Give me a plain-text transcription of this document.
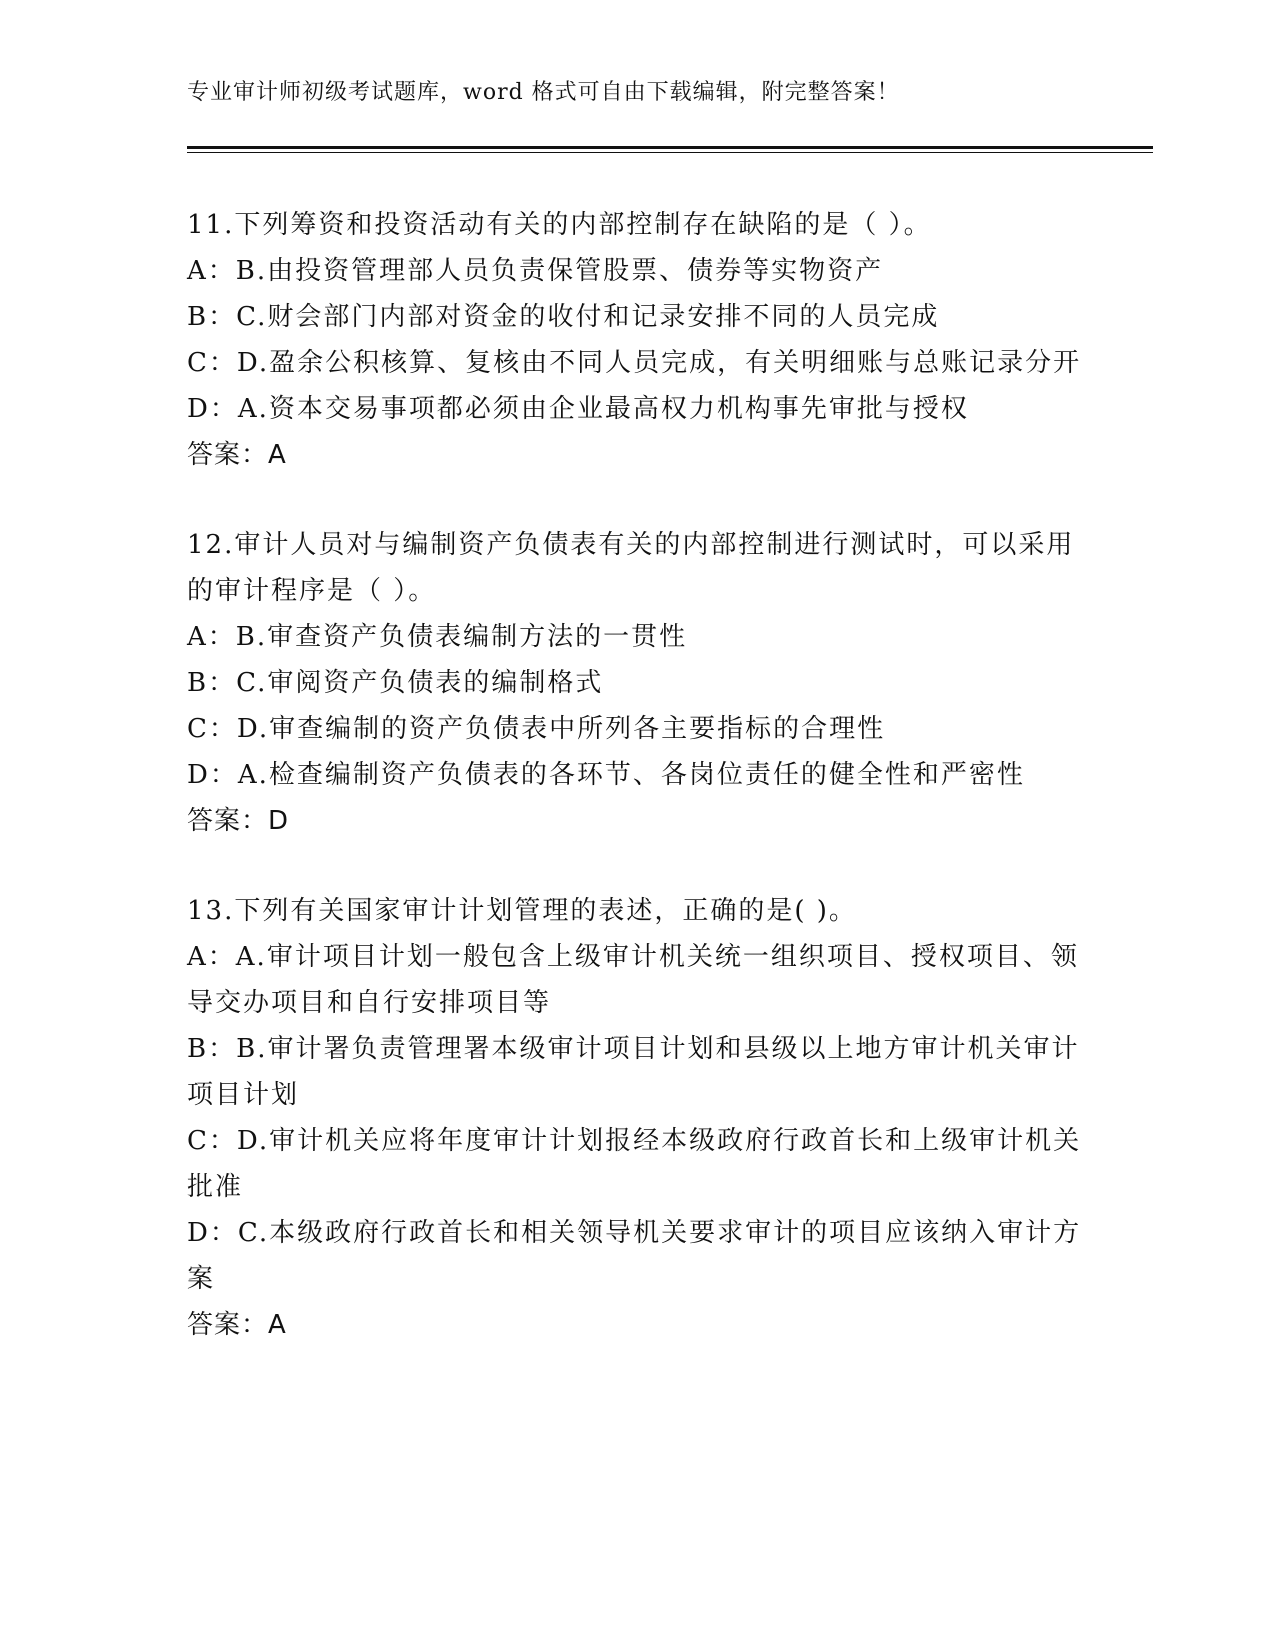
专业审计师初级考试题库，word 格式可自由下载编辑，附完整答案！
11.下列筹资和投资活动有关的内部控制存在缺陷的是（ ）。
A：B.由投资管理部人员负责保管股票、债券等实物资产
B：C.财会部门内部对资金的收付和记录安排不同的人员完成
C：D.盈余公积核算、复核由不同人员完成，有关明细账与总账记录分开
D：A.资本交易事项都必须由企业最高权力机构事先审批与授权
答案：A
12.审计人员对与编制资产负债表有关的内部控制进行测试时，可以采用的审计程序是（ ）。
A：B.审查资产负债表编制方法的一贯性
B：C.审阅资产负债表的编制格式
C：D.审查编制的资产负债表中所列各主要指标的合理性
D：A.检查编制资产负债表的各环节、各岗位责任的健全性和严密性
答案：D
13.下列有关国家审计计划管理的表述，正确的是( )。
A：A.审计项目计划一般包含上级审计机关统一组织项目、授权项目、领导交办项目和自行安排项目等
B：B.审计署负责管理署本级审计项目计划和县级以上地方审计机关审计项目计划
C：D.审计机关应将年度审计计划报经本级政府行政首长和上级审计机关批准
D：C.本级政府行政首长和相关领导机关要求审计的项目应该纳入审计方案
答案：A
